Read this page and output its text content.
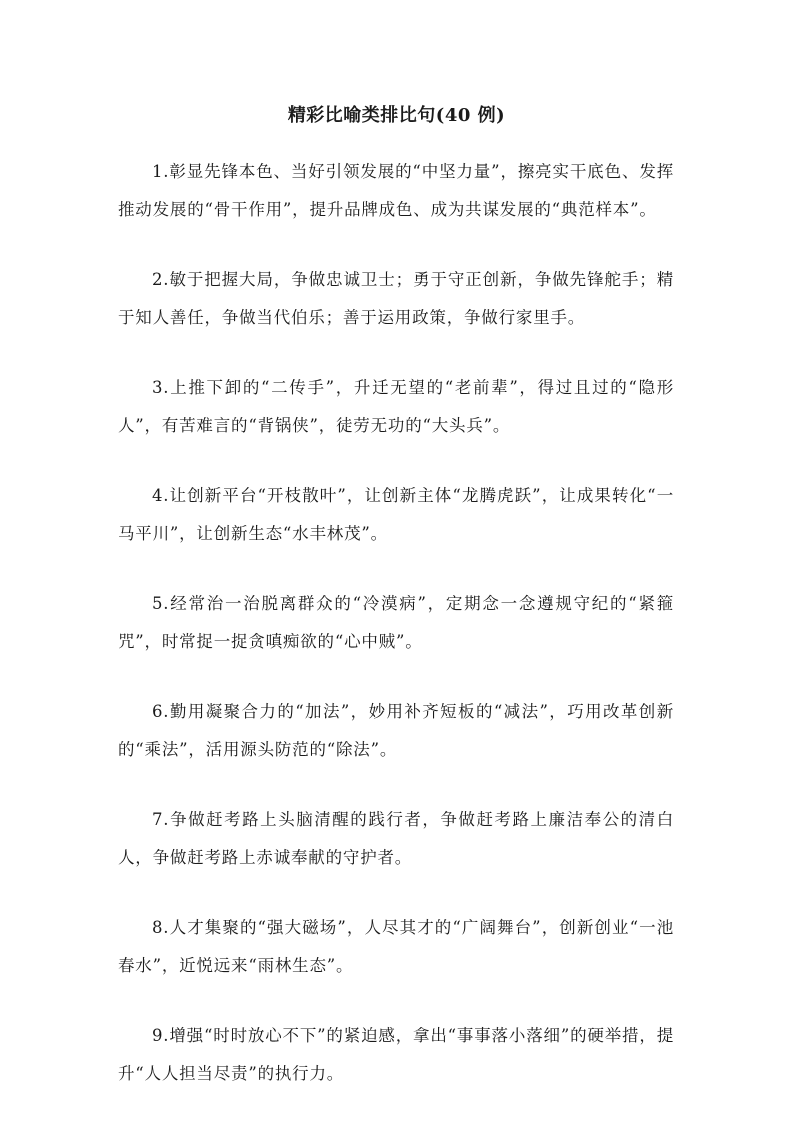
精彩比喻类排比句(40 例)

1.彰显先锋本色、当好引领发展的“中坚力量”，擦亮实干底色、发挥推动发展的“骨干作用”，提升品牌成色、成为共谋发展的“典范样本”。

2.敏于把握大局，争做忠诚卫士；勇于守正创新，争做先锋舵手；精于知人善任，争做当代伯乐；善于运用政策，争做行家里手。

3.上推下卸的“二传手”，升迁无望的“老前辈”，得过且过的“隐形人”，有苦难言的“背锅侠”，徒劳无功的“大头兵”。

4.让创新平台“开枝散叶”，让创新主体“龙腾虎跃”，让成果转化“一马平川”，让创新生态“水丰林茂”。

5.经常治一治脱离群众的“冷漠病”，定期念一念遵规守纪的“紧箍咒”，时常捉一捉贪嗔痴欲的“心中贼”。

6.勤用凝聚合力的“加法”，妙用补齐短板的“减法”，巧用改革创新的“乘法”，活用源头防范的“除法”。

7.争做赶考路上头脑清醒的践行者，争做赶考路上廉洁奉公的清白人，争做赶考路上赤诚奉献的守护者。

8.人才集聚的“强大磁场”，人尽其才的“广阔舞台”，创新创业“一池春水”，近悦远来“雨林生态”。

9.增强“时时放心不下”的紧迫感，拿出“事事落小落细”的硬举措，提升“人人担当尽责”的执行力。
